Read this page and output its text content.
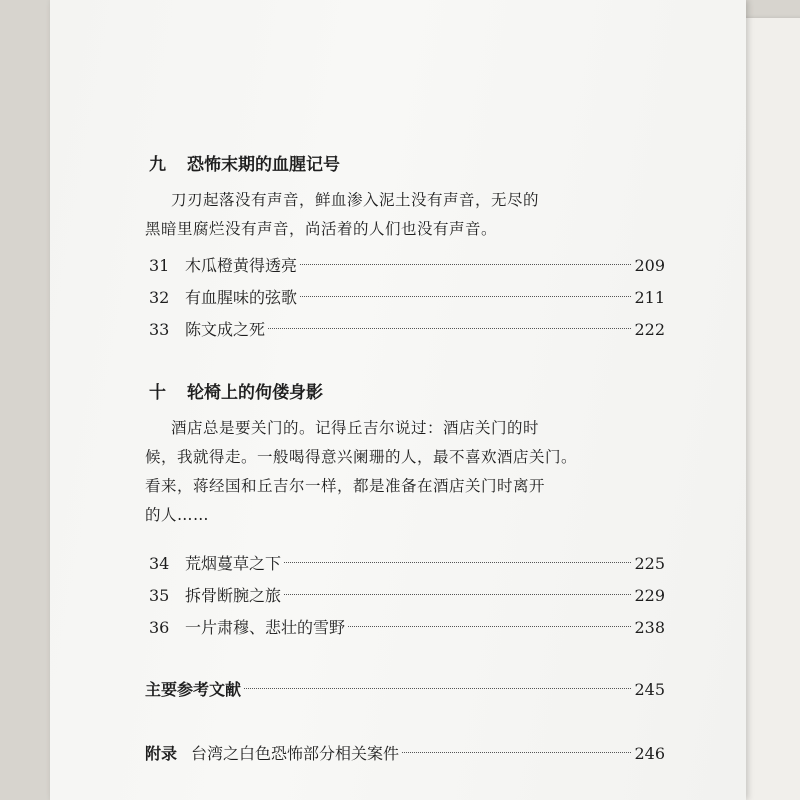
九 恐怖末期的血腥记号
刀刃起落没有声音，鲜血渗入泥土没有声音，无尽的
黑暗里腐烂没有声音，尚活着的人们也没有声音。
31 木瓜橙黄得透亮	209
32 有血腥味的弦歌	211
33 陈文成之死	222
十 轮椅上的佝偻身影
酒店总是要关门的。记得丘吉尔说过：酒店关门的时
候，我就得走。一般喝得意兴阑珊的人，最不喜欢酒店关门。
看来，蒋经国和丘吉尔一样，都是准备在酒店关门时离开
的人……
34 荒烟蔓草之下	225
35 拆骨断腕之旅	229
36 一片肃穆、悲壮的雪野	238
主要参考文献	245
附录 台湾之白色恐怖部分相关案件	246
